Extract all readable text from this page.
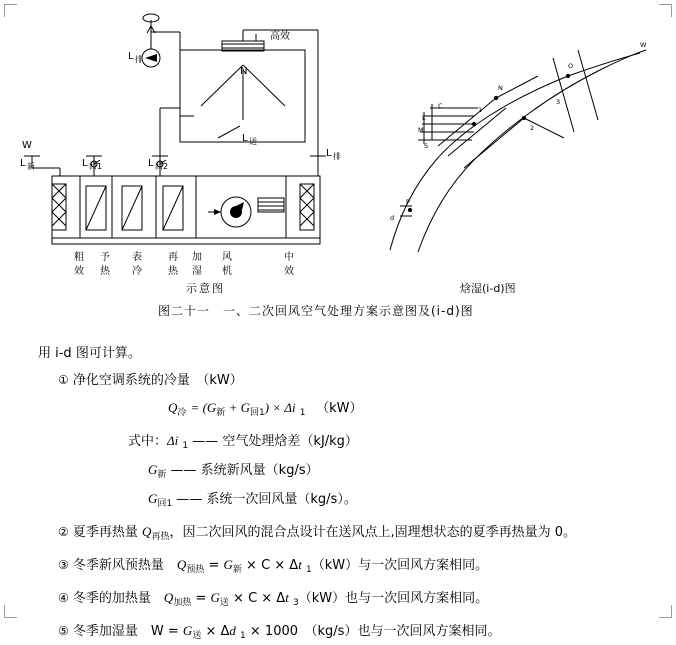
N
高效
L 送
L 排
W
L 新	L 回1	L 回2
L 排
粗
效
予
热
表
冷
再
热
加
湿
风
机
中
效
W
O
N
C
L
M
S
P
1
2
3
d
示意图	焓湿(i-d)图
图二十一　一、二次回风空气处理方案示意图及(i-d)图
用 i-d 图可计算。
① 净化空调系统的冷量　（kW）
$Q_冷 = (G_新 + G_{回1}) \times \Delta i$ $_1$ 　（kW）
式中：Δi $_1$ —— 空气处理焓差（kJ/kg）
$G_新$ —— 系统新风量（kg/s）
$G_{回1}$ —— 系统一次回风量（kg/s）。
② 夏季再热量 $Q_{再热}$，因二次回风的混合点设计在送风点上,固理想状态的夏季再热量为 0。
③ 冬季新风预热量　$Q_{预热} = G_新 \times C \times \Delta t$ $_1$（kW）与一次回风方案相同。
④ 冬季的加热量　$Q_{加热} = G_送 \times C \times \Delta t$ $_3$（kW）也与一次回风方案相同。
⑤ 冬季加湿量　$W = G_送 \times \Delta d$ $_1$ × 1000　（kg/s）也与一次回风方案相同。
